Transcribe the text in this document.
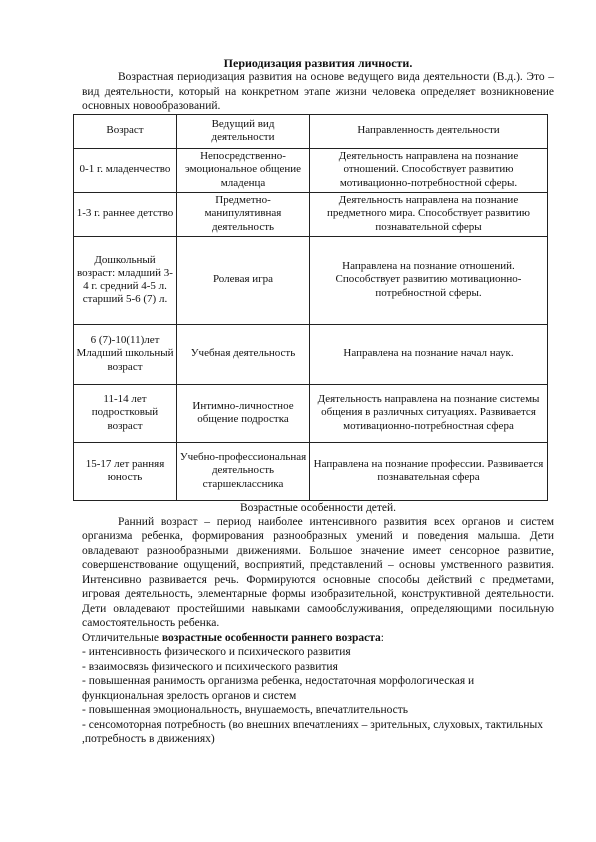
Периодизация развития личности.

Возрастная периодизация развития на основе ведущего вида деятельности (В.д.). Это – вид деятельности, который на конкретном этапе жизни человека определяет возникновение основных новообразований.

Возраст	Ведущий вид деятельности	Направленность деятельности
0-1 г. младенчество	Непосредственно-эмоциональное общение младенца	Деятельность направлена на познание отношений. Способствует развитию мотивационно-потребностной сферы.
1-3 г. раннее детство	Предметно-манипулятивная деятельность	Деятельность направлена на познание предметного мира. Способствует развитию познавательной сферы
Дошкольный возраст: младший 3-4 г. средний 4-5 л. старший 5-6 (7) л.	Ролевая игра	Направлена на познание отношений. Способствует развитию мотивационно-потребностной сферы.
6 (7)-10(11)лет Младший школьный возраст	Учебная деятельность	Направлена на познание начал наук.
11-14 лет подростковый возраст	Интимно-личностное общение подростка	Деятельность направлена на познание системы общения в различных ситуациях. Развивается мотивационно-потребностная сфера
15-17 лет ранняя юность	Учебно-профессиональная деятельность старшеклассника	Направлена на познание профессии. Развивается познавательная сфера

Возрастные особенности детей.

Ранний возраст – период наиболее интенсивного развития всех органов и систем организма ребенка, формирования разнообразных умений и поведения малыша. Дети овладевают разнообразными движениями. Большое значение имеет сенсорное развитие, совершенствование ощущений, восприятий, представлений – основы умственного развития. Интенсивно развивается речь. Формируются основные способы действий с предметами, игровая деятельность, элементарные формы изобразительной, конструктивной деятельности. Дети овладевают простейшими навыками самообслуживания, определяющими посильную самостоятельность ребенка.

Отличительные возрастные особенности раннего возраста:

- интенсивность физического и психического развития
- взаимосвязь физического и психического развития
- повышенная ранимость организма ребенка, недостаточная морфологическая и функциональная зрелость органов и систем
- повышенная эмоциональность, внушаемость, впечатлительность
- сенсомоторная потребность (во внешних впечатлениях – зрительных, слуховых, тактильных ,потребность в движениях)
